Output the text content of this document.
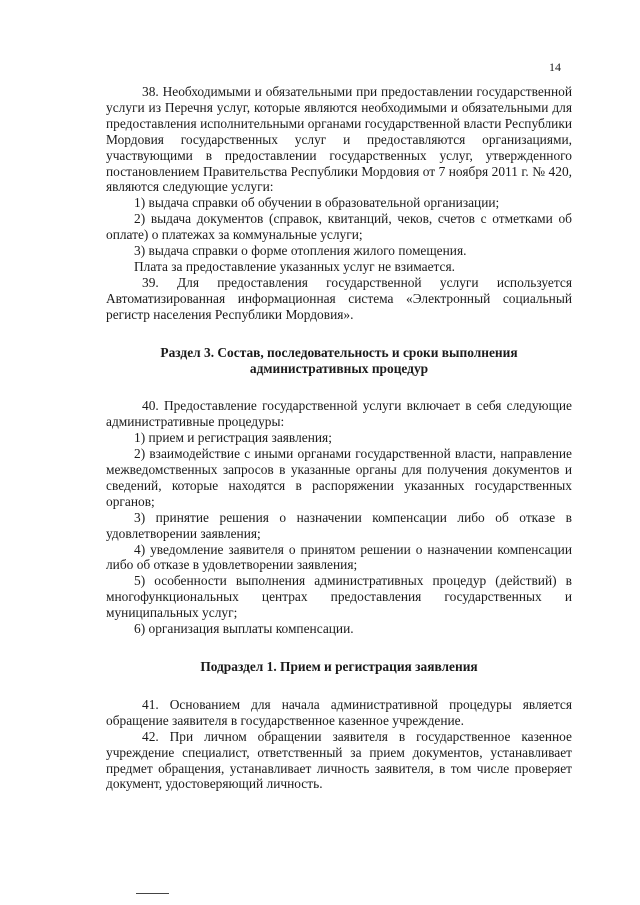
14

38. Необходимыми и обязательными при предоставлении государственной услуги из Перечня услуг, которые являются необходимыми и обязательными для предоставления исполнительными органами государственной власти Республики Мордовия государственных услуг и предоставляются организациями, участвующими в предоставлении государственных услуг, утвержденного постановлением Правительства Республики Мордовия от 7 ноября 2011 г. № 420, являются следующие услуги:

1) выдача справки об обучении в образовательной организации;

2) выдача документов (справок, квитанций, чеков, счетов с отметками об оплате) о платежах за коммунальные услуги;

3) выдача справки о форме отопления жилого помещения.

Плата за предоставление указанных услуг не взимается.

39. Для предоставления государственной услуги используется Автоматизированная информационная система «Электронный социальный регистр населения Республики Мордовия».

Раздел 3. Состав, последовательность и сроки выполнения административных процедур

40. Предоставление государственной услуги включает в себя следующие административные процедуры:

1) прием и регистрация заявления;

2) взаимодействие с иными органами государственной власти, направление межведомственных запросов в указанные органы для получения документов и сведений, которые находятся в распоряжении указанных государственных органов;

3) принятие решения о назначении компенсации либо об отказе в удовлетворении заявления;

4) уведомление заявителя о принятом решении о назначении компенсации либо об отказе в удовлетворении заявления;

5) особенности выполнения административных процедур (действий) в многофункциональных центрах предоставления государственных и муниципальных услуг;

6) организация выплаты компенсации.

Подраздел 1. Прием и регистрация заявления

41. Основанием для начала административной процедуры является обращение заявителя в государственное казенное учреждение.

42. При личном обращении заявителя в государственное казенное учреждение специалист, ответственный за прием документов, устанавливает предмет обращения, устанавливает личность заявителя, в том числе проверяет документ, удостоверяющий личность.
